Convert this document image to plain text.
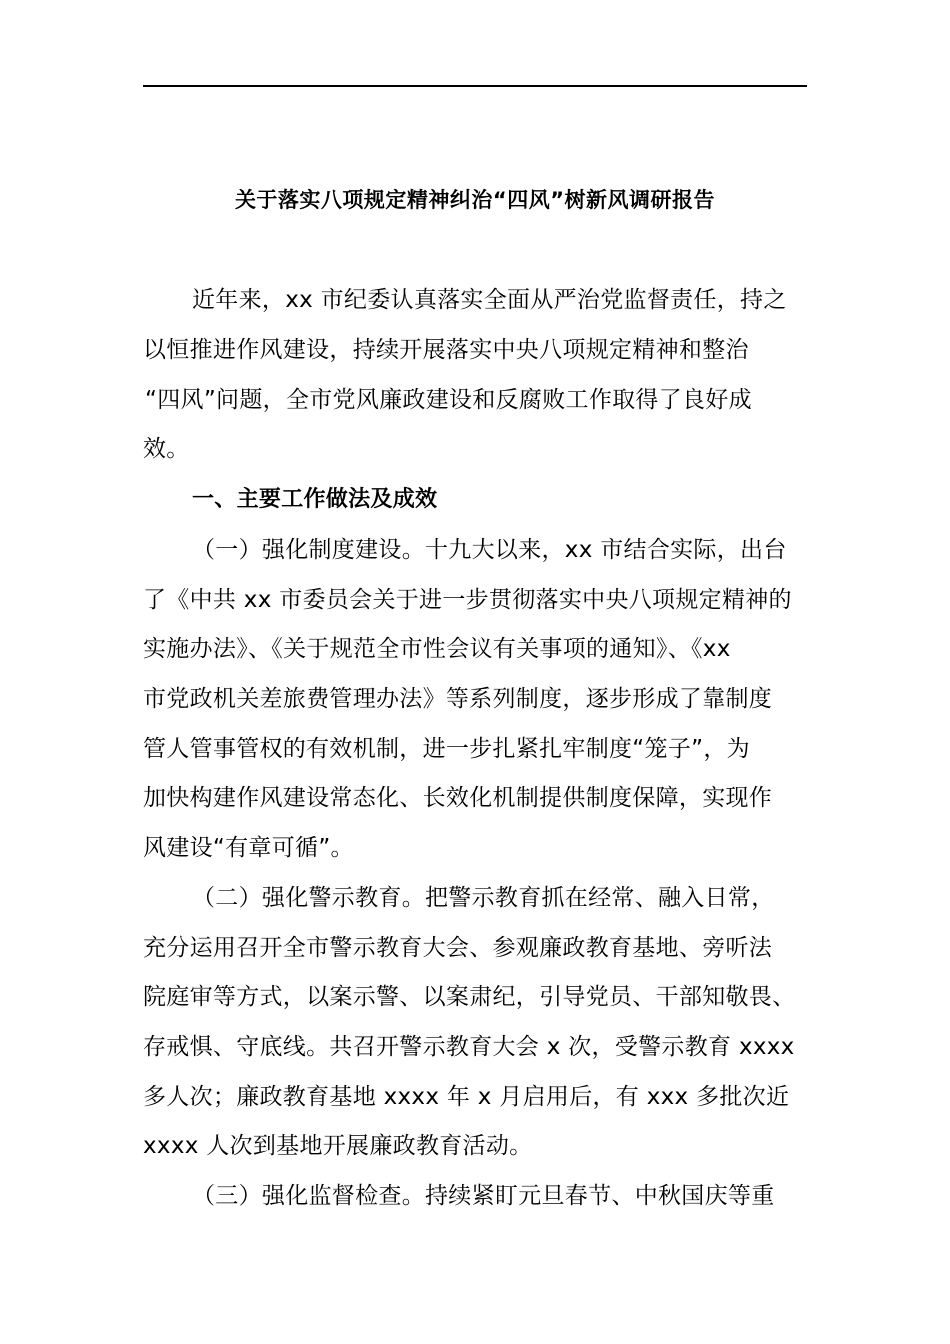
关于落实八项规定精神纠治“四风”树新风调研报告
近年来，xx 市纪委认真落实全面从严治党监督责任，持之
以恒推进作风建设，持续开展落实中央八项规定精神和整治
“四风”问题，全市党风廉政建设和反腐败工作取得了良好成
效。
一、主要工作做法及成效
（一）强化制度建设。十九大以来，xx 市结合实际，出台
了《中共 xx 市委员会关于进一步贯彻落实中央八项规定精神的
实施办法》、《关于规范全市性会议有关事项的通知》、《xx
市党政机关差旅费管理办法》等系列制度，逐步形成了靠制度
管人管事管权的有效机制，进一步扎紧扎牢制度“笼子”，为
加快构建作风建设常态化、长效化机制提供制度保障，实现作
风建设“有章可循”。
（二）强化警示教育。把警示教育抓在经常、融入日常，
充分运用召开全市警示教育大会、参观廉政教育基地、旁听法
院庭审等方式，以案示警、以案肃纪，引导党员、干部知敬畏、
存戒惧、守底线。共召开警示教育大会 x 次，受警示教育 xxxx
多人次；廉政教育基地 xxxx 年 x 月启用后，有 xxx 多批次近
xxxx 人次到基地开展廉政教育活动。
（三）强化监督检查。持续紧盯元旦春节、中秋国庆等重
